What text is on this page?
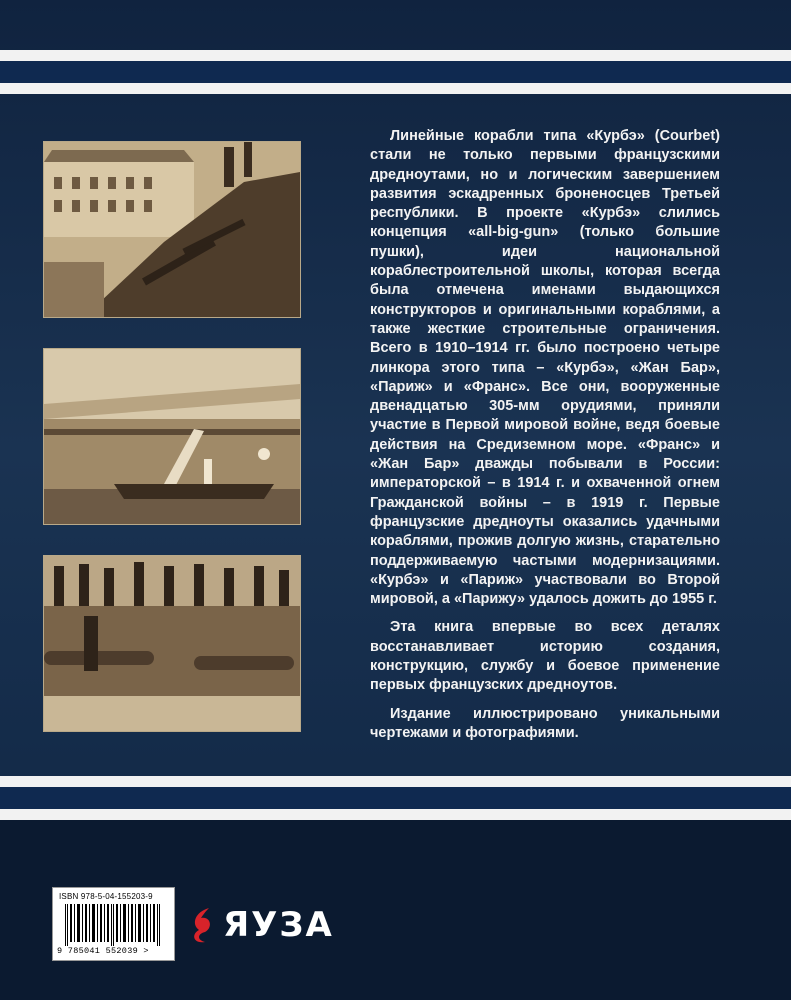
Линейные корабли типа «Курбэ» (Courbet) стали не только первыми французскими дредноутами, но и логическим завершением развития эскадренных броненосцев Третьей республики. В проекте «Курбэ» слились концепция «all-big-gun» (только большие пушки), идеи национальной кораблестроительной школы, которая всегда была отмечена именами выдающихся конструкторов и оригинальными кораблями, а также жесткие строительные ограничения. Всего в 1910–1914 гг. было построено четыре линкора этого типа – «Курбэ», «Жан Бар», «Париж» и «Франс». Все они, вооруженные двенадцатью 305-мм орудиями, приняли участие в Первой мировой войне, ведя боевые действия на Средиземном море. «Франс» и «Жан Бар» дважды побывали в России: императорской – в 1914 г. и охваченной огнем Гражданской войны – в 1919 г. Первые французские дредноуты оказались удачными кораблями, прожив долгую жизнь, старательно поддерживаемую частыми модернизациями. «Курбэ» и «Париж» участвовали во Второй мировой, а «Парижу» удалось дожить до 1955 г.

Эта книга впервые во всех деталях восстанавливает историю создания, конструкцию, службу и боевое применение первых французских дредноутов.

Издание иллюстрировано уникальными чертежами и фотографиями.

ISBN 978-5-04-155203-9
9 785041 552039 >
ЯУЗА
